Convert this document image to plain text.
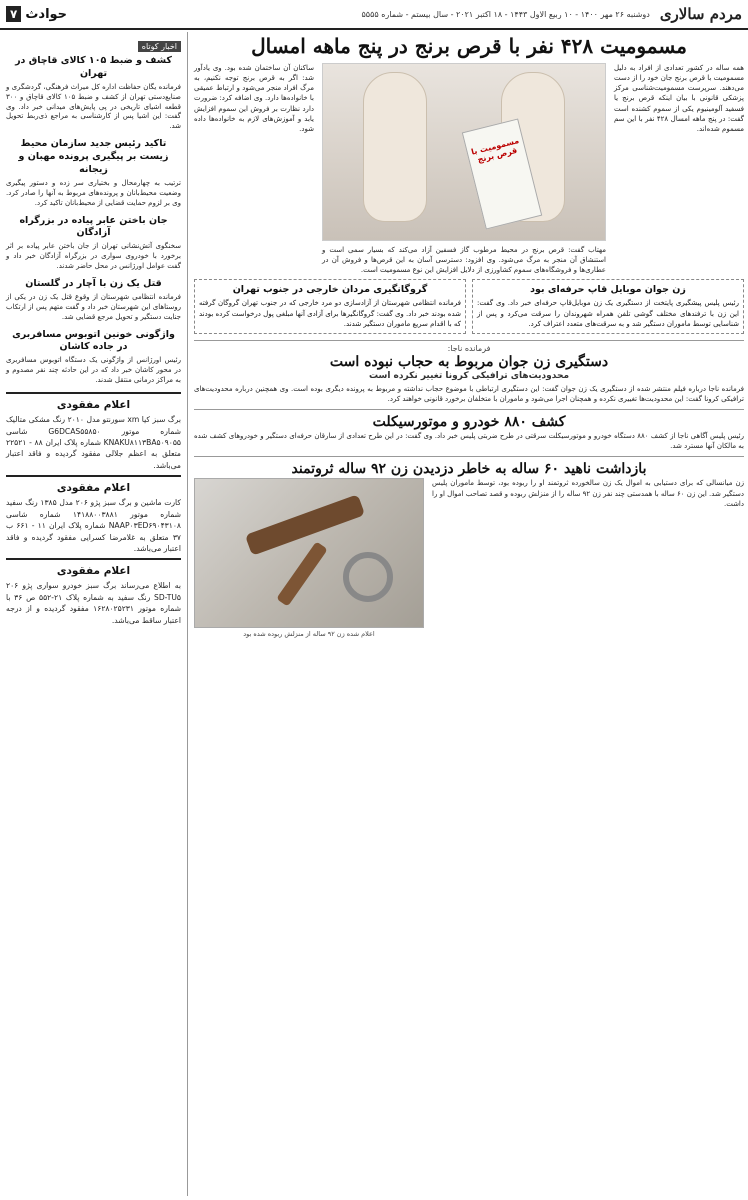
مردم سالاری
دوشنبه ۲۶ مهر ۱۴۰۰ - ۱۰ ربیع الاول ۱۴۴۳ - ۱۸ اکتبر ۲۰۲۱ - سال بیستم - شماره ۵۵۵۵
حوادث
۷
اخبار کوتاه
کشف و ضبط ۱۰۵ کالای قاچاق در تهران
فرمانده یگان حفاظت اداره کل میراث فرهنگی، گردشگری و صنایع‌دستی تهران از کشف و ضبط ۱۰۵ کالای قاچاق و ۳۰۰ قطعه اشیای تاریخی در پی پایش‌های میدانی خبر داد. وی گفت: این اشیا پس از کارشناسی به مراجع ذی‌ربط تحویل شد.
تاکید رئیس جدید سازمان محیط زیست بر پیگیری پرونده مهبان و زیجانه
ترتیب به چهارمحال و بختیاری سر زده و دستور پیگیری وضعیت محیط‌بانان و پرونده‌های مربوط به آنها را صادر کرد. وی بر لزوم حمایت قضایی از محیط‌بانان تاکید کرد.
جان باختن عابر پیاده در بزرگراه آزادگان
سخنگوی آتش‌نشانی تهران از جان باختن عابر پیاده بر اثر برخورد با خودروی سواری در بزرگراه آزادگان خبر داد و گفت عوامل اورژانس در محل حاضر شدند.
قتل یک زن با آچار در گلستان
فرمانده انتظامی شهرستان از وقوع قتل یک زن در یکی از روستاهای این شهرستان خبر داد و گفت متهم پس از ارتکاب جنایت دستگیر و تحویل مرجع قضایی شد.
واژگونی خونین اتوبوس مسافربری در جاده کاشان
رئیس اورژانس از واژگونی یک دستگاه اتوبوس مسافربری در محور کاشان خبر داد که در این حادثه چند نفر مصدوم و به مراکز درمانی منتقل شدند.
اعلام مفقودی
برگ سبز کیا xm سورنتو مدل ۲۰۱۰ رنگ مشکی متالیک شماره موتور G6DCAS۵۵۸۵۰ شاسی KNAKU۸۱۱۳BA۵۰۹۰۵۵ شماره پلاک ایران ۸۸ - ۲۲۵۲۱ متعلق به اعظم جلالی مفقود گردیده و فاقد اعتبار می‌باشد.
اعلام مفقودی
کارت ماشین و برگ سبز پژو ۲۰۶ مدل ۱۳۸۵ رنگ سفید شماره موتور ۱۴۱۸۸۰۰۳۸۸۱ شماره شاسی NAAP۰۳ED۶۹۰۴۳۱۰۸ شماره پلاک ایران ۱۱ - ۶۶۱ ب ۳۷ متعلق به غلامرضا کسرایی مفقود گردیده و فاقد اعتبار می‌باشد.
اعلام مفقودی
به اطلاع می‌رساند برگ سبز خودرو سواری پژو ۲۰۶ SD-TU۵ رنگ سفید به شماره پلاک ۲۱-۵۵۲ ص ۳۶ با شماره موتور ۱۶۲۸۰۲۵۲۳۱ مفقود گردیده و از درجه اعتبار ساقط می‌باشد.
مسمومیت ۴۲۸ نفر با قرص برنج در پنج ماهه امسال
همه ساله در کشور تعدادی از افراد به دلیل مسمومیت با قرص برنج جان خود را از دست می‌دهند. سرپرست مسمومیت‌شناسی مرکز پزشکی قانونی با بیان اینکه قرص برنج یا فسفید آلومینیوم یکی از سموم کشنده است گفت: در پنج ماهه امسال ۴۲۸ نفر با این سم مسموم شده‌اند.
مسمومیت با قرص برنج
مهتاب گفت: قرص برنج در محیط مرطوب گاز فسفین آزاد می‌کند که بسیار سمی است و استنشاق آن منجر به مرگ می‌شود. وی افزود: دسترسی آسان به این قرص‌ها و فروش آن در عطاری‌ها و فروشگاه‌های سموم کشاورزی از دلایل افزایش این نوع مسمومیت است.
ساکنان آن ساختمان شده بود. وی یادآور شد: اگر به قرص برنج توجه نکنیم، به مرگ افراد منجر می‌شود و ارتباط عمیقی با خانواده‌ها دارد. وی اضافه کرد: ضرورت دارد نظارت بر فروش این سموم افزایش یابد و آموزش‌های لازم به خانواده‌ها داده شود.
زن جوان موبایل قاپ حرفه‌ای بود
رئیس پلیس پیشگیری پایتخت از دستگیری یک زن موبایل‌قاپ حرفه‌ای خبر داد. وی گفت: این زن با ترفندهای مختلف گوشی تلفن همراه شهروندان را سرقت می‌کرد و پس از شناسایی توسط ماموران دستگیر شد و به سرقت‌های متعدد اعتراف کرد.
گروگانگیری مردان خارجی در جنوب تهران
فرمانده انتظامی شهرستان از آزادسازی دو مرد خارجی که در جنوب تهران گروگان گرفته شده بودند خبر داد. وی گفت: گروگانگیرها برای آزادی آنها مبلغی پول درخواست کرده بودند که با اقدام سریع ماموران دستگیر شدند.
فرمانده ناجا:
دستگیری زن جوان مربوط به حجاب نبوده است
محدودیت‌های ترافیکی کرونا تغییر نکرده است
فرمانده ناجا درباره فیلم منتشر شده از دستگیری یک زن جوان گفت: این دستگیری ارتباطی با موضوع حجاب نداشته و مربوط به پرونده دیگری بوده است. وی همچنین درباره محدودیت‌های ترافیکی کرونا گفت: این محدودیت‌ها تغییری نکرده و همچنان اجرا می‌شود و ماموران با متخلفان برخورد قانونی خواهند کرد.
کشف ۸۸۰ خودرو و موتورسیکلت
رئیس پلیس آگاهی ناجا از کشف ۸۸۰ دستگاه خودرو و موتورسیکلت سرقتی در طرح ضربتی پلیس خبر داد. وی گفت: در این طرح تعدادی از سارقان حرفه‌ای دستگیر و خودروهای کشف شده به مالکان آنها مسترد شد.
بازداشت ناهید ۶۰ ساله به خاطر دزدیدن زن ۹۲ ساله ثروتمند
زن میانسالی که برای دستیابی به اموال یک زن سالخورده ثروتمند او را ربوده بود، توسط ماموران پلیس دستگیر شد. این زن ۶۰ ساله با همدستی چند نفر زن ۹۲ ساله را از منزلش ربوده و قصد تصاحب اموال او را داشت.
اعلام شده زن ۹۲ ساله از منزلش ربوده شده بود
